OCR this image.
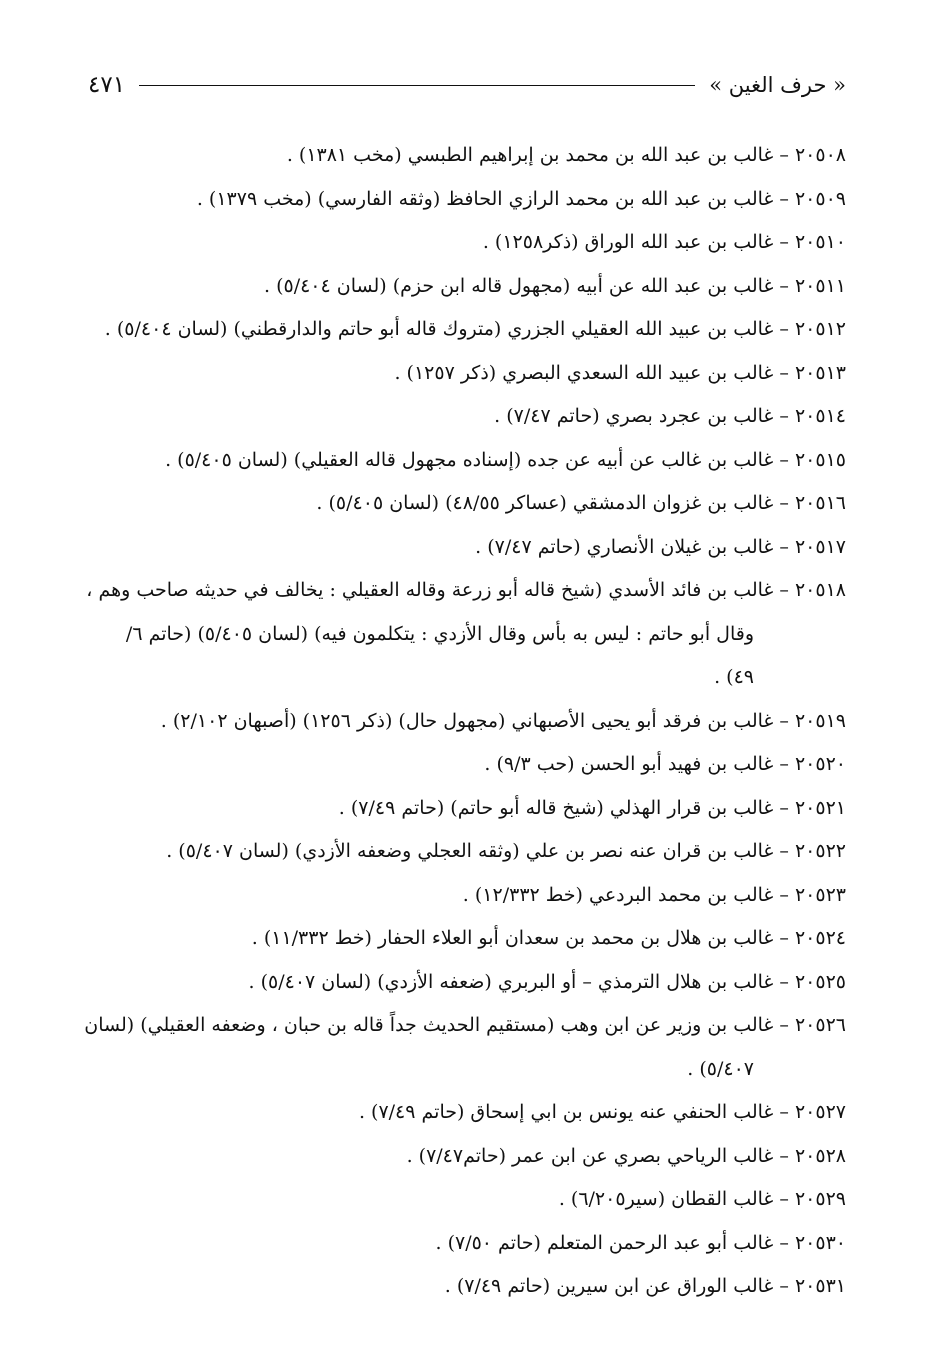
« حرف الغين »
٤٧١
٢٠٥٠٨ – غالب بن عبد الله بن محمد بن إبراهيم الطبسي (مخب ١٣٨١) .
٢٠٥٠٩ – غالب بن عبد الله بن محمد الرازي الحافظ (وثقه الفارسي) (مخب ١٣٧٩) .
٢٠٥١٠ – غالب بن عبد الله الوراق (ذكر١٢٥٨) .
٢٠٥١١ – غالب بن عبد الله عن أبيه (مجهول قاله ابن حزم) (لسان ٥/٤٠٤) .
٢٠٥١٢ – غالب بن عبيد الله العقيلي الجزري (متروك قاله أبو حاتم والدارقطني) (لسان ٥/٤٠٤) .
٢٠٥١٣ – غالب بن عبيد الله السعدي البصري (ذكر ١٢٥٧) .
٢٠٥١٤ – غالب بن عجرد بصري (حاتم ٧/٤٧) .
٢٠٥١٥ – غالب بن غالب عن أبيه عن جده (إسناده مجهول قاله العقيلي) (لسان ٥/٤٠٥) .
٢٠٥١٦ – غالب بن غزوان الدمشقي (عساكر ٤٨/٥٥) (لسان ٥/٤٠٥) .
٢٠٥١٧ – غالب بن غيلان الأنصاري (حاتم ٧/٤٧) .
٢٠٥١٨ – غالب بن فائد الأسدي (شيخ قاله أبو زرعة وقاله العقيلي : يخالف في حديثه صاحب وهم ،
وقال أبو حاتم : ليس به بأس وقال الأزدي : يتكلمون فيه) (لسان ٥/٤٠٥) (حاتم ٦/
٤٩) .
٢٠٥١٩ – غالب بن فرقد أبو يحيى الأصبهاني (مجهول حال) (ذكر ١٢٥٦) (أصبهان ٢/١٠٢) .
٢٠٥٢٠ – غالب بن فهيد أبو الحسن (حب ٩/٣) .
٢٠٥٢١ – غالب بن قرار الهذلي (شيخ قاله أبو حاتم) (حاتم ٧/٤٩) .
٢٠٥٢٢ – غالب بن قران عنه نصر بن علي (وثقه العجلي وضعفه الأزدي) (لسان ٥/٤٠٧) .
٢٠٥٢٣ – غالب بن محمد البردعي (خط ١٢/٣٣٢) .
٢٠٥٢٤ – غالب بن هلال بن محمد بن سعدان أبو العلاء الحفار (خط ١١/٣٣٢) .
٢٠٥٢٥ – غالب بن هلال الترمذي – أو البربري (ضعفه الأزدي) (لسان ٥/٤٠٧) .
٢٠٥٢٦ – غالب بن وزير عن ابن وهب (مستقيم الحديث جداً قاله بن حبان ، وضعفه العقيلي) (لسان
٥/٤٠٧) .
٢٠٥٢٧ – غالب الحنفي عنه يونس بن ابي إسحاق (حاتم ٧/٤٩) .
٢٠٥٢٨ – غالب الرياحي بصري عن ابن عمر (حاتم٧/٤٧) .
٢٠٥٢٩ – غالب القطان (سير٦/٢٠٥) .
٢٠٥٣٠ – غالب أبو عبد الرحمن المتعلم (حاتم ٧/٥٠) .
٢٠٥٣١ – غالب الوراق عن ابن سيرين (حاتم ٧/٤٩) .
